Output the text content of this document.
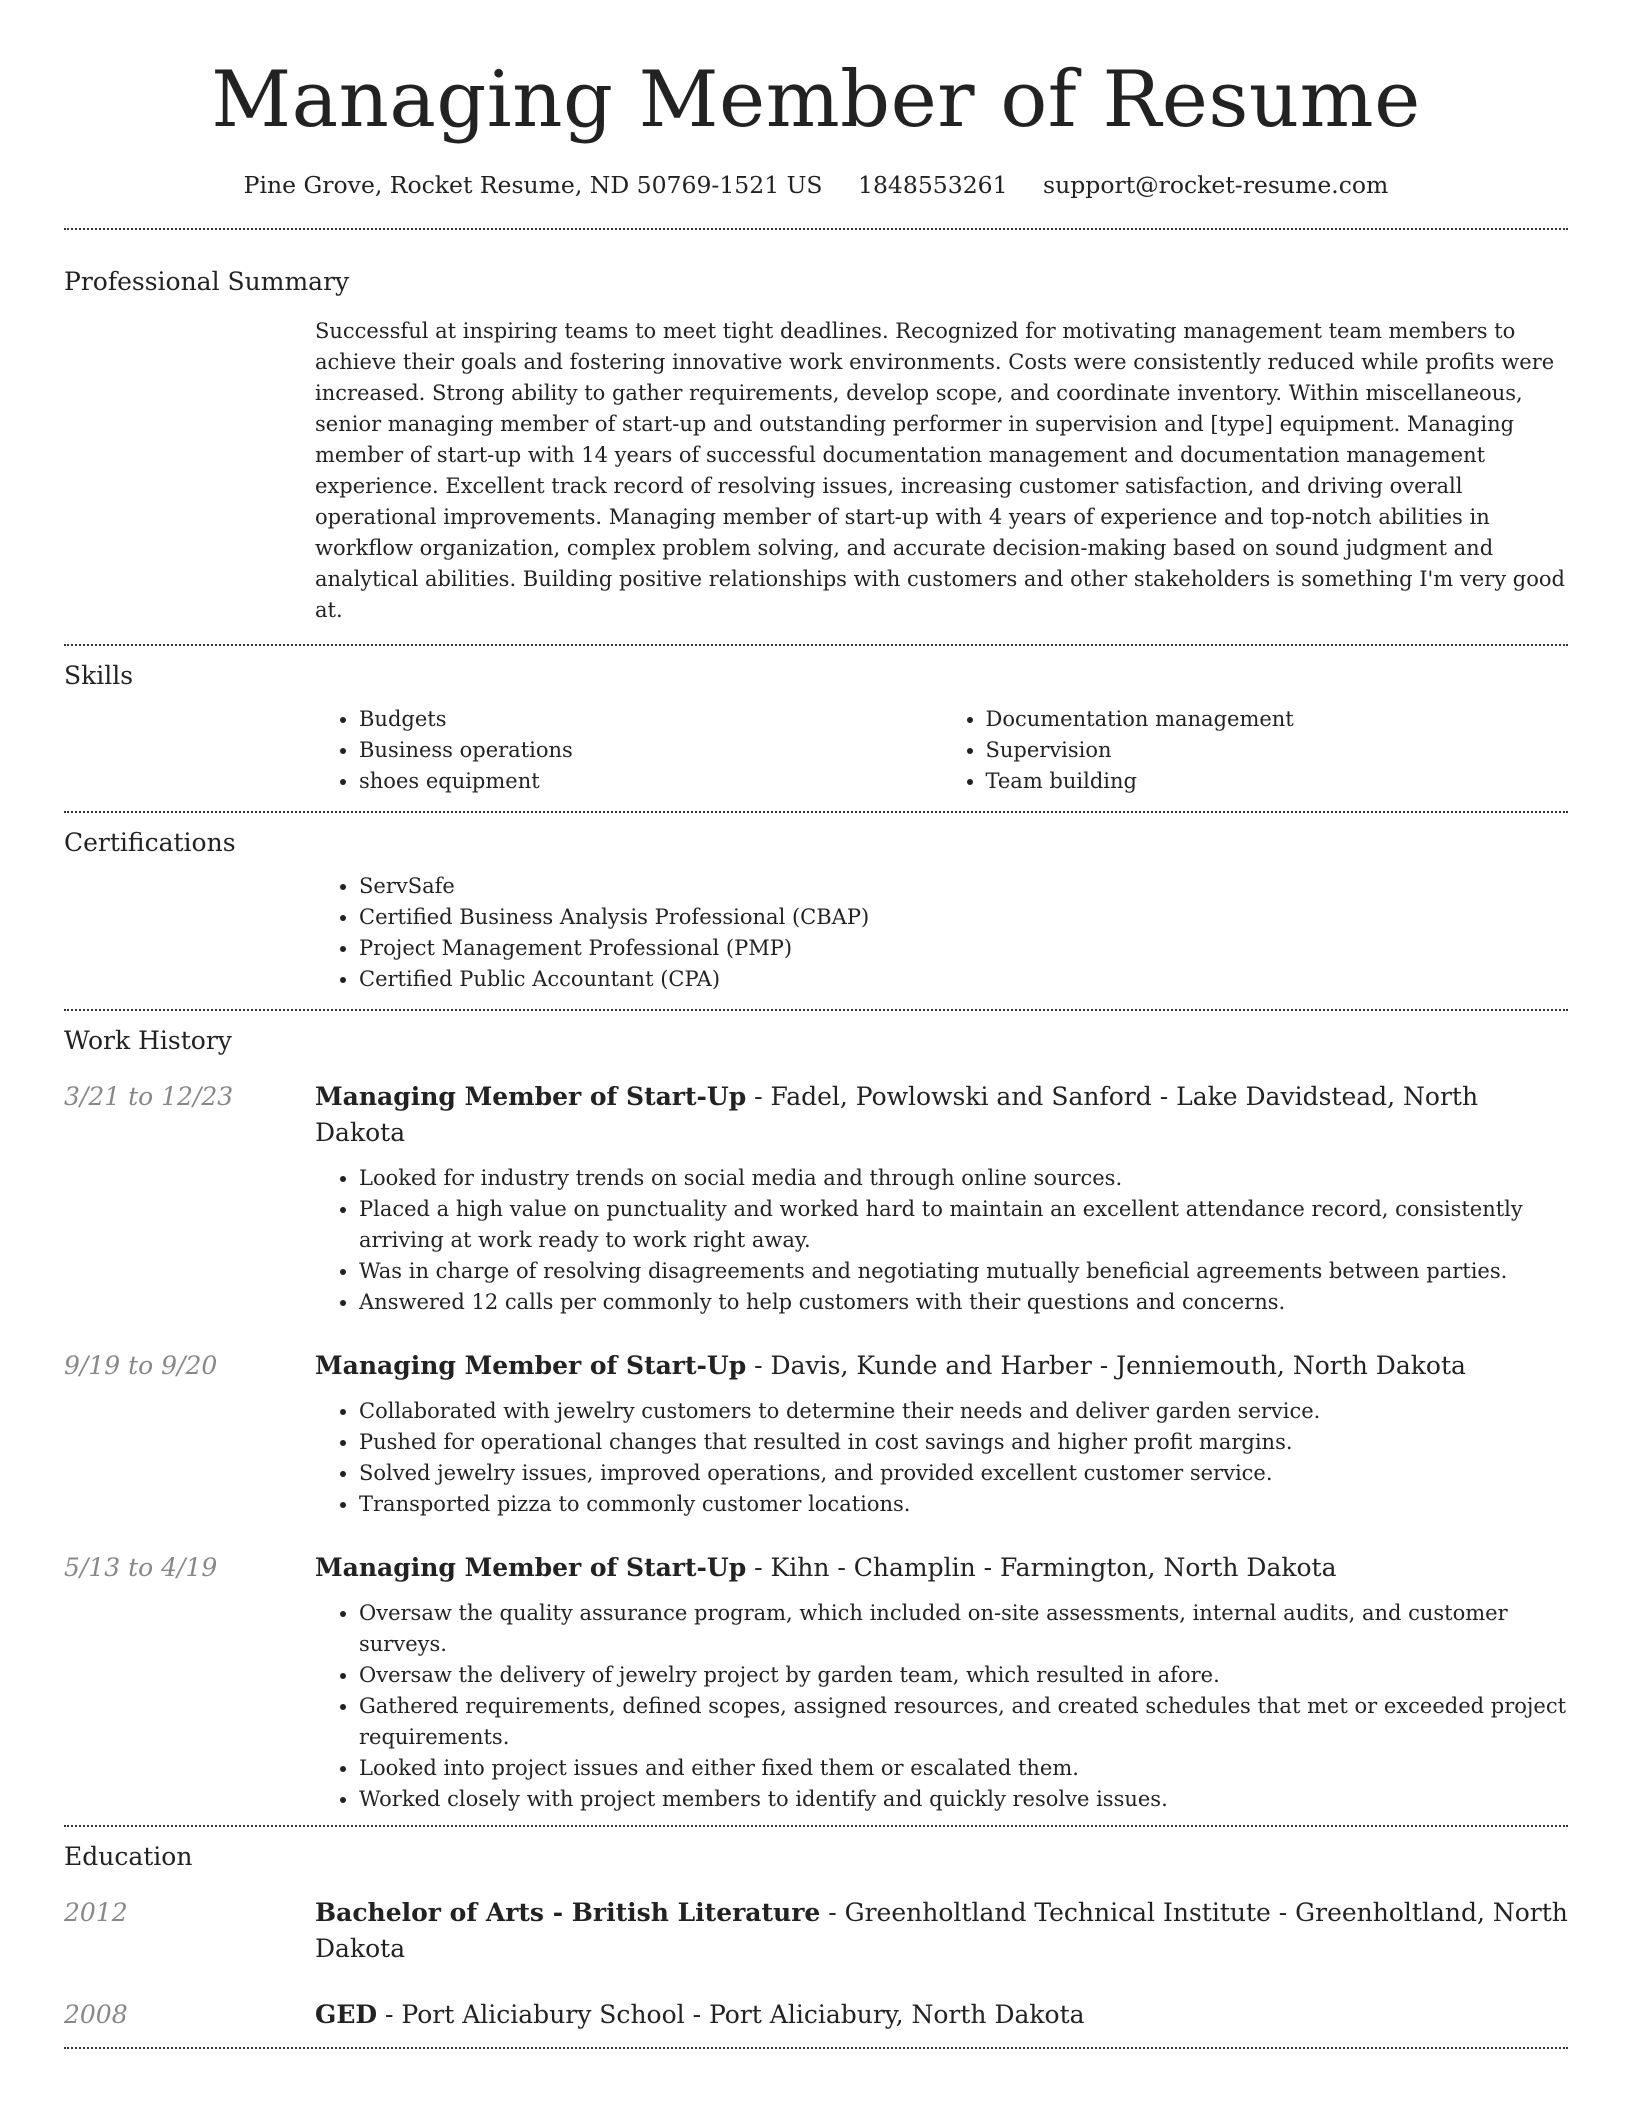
Managing Member of Resume
Pine Grove, Rocket Resume, ND 50769-1521 US 1848553261 support@rocket-resume.com
Professional Summary

Successful at inspiring teams to meet tight deadlines. Recognized for motivating management team members to achieve their goals and fostering innovative work environments. Costs were consistently reduced while profits were increased. Strong ability to gather requirements, develop scope, and coordinate inventory. Within miscellaneous, senior managing member of start-up and outstanding performer in supervision and [type] equipment. Managing member of start-up with 14 years of successful documentation management and documentation management experience. Excellent track record of resolving issues, increasing customer satisfaction, and driving overall operational improvements. Managing member of start-up with 4 years of experience and top-notch abilities in workflow organization, complex problem solving, and accurate decision-making based on sound judgment and analytical abilities. Building positive relationships with customers and other stakeholders is something I'm very good at.

Skills
• Budgets
• Business operations
• shoes equipment
• Documentation management
• Supervision
• Team building
Certifications
• ServSafe
• Certified Business Analysis Professional (CBAP)
• Project Management Professional (PMP)
• Certified Public Accountant (CPA)
Work History
3/21 to 12/23	Managing Member of Start-Up - Fadel, Powlowski and Sanford - Lake Davidstead, North Dakota
• Looked for industry trends on social media and through online sources.
• Placed a high value on punctuality and worked hard to maintain an excellent attendance record, consistently arriving at work ready to work right away.
• Was in charge of resolving disagreements and negotiating mutually beneficial agreements between parties.
• Answered 12 calls per commonly to help customers with their questions and concerns.
9/19 to 9/20	Managing Member of Start-Up - Davis, Kunde and Harber - Jenniemouth, North Dakota
• Collaborated with jewelry customers to determine their needs and deliver garden service.
• Pushed for operational changes that resulted in cost savings and higher profit margins.
• Solved jewelry issues, improved operations, and provided excellent customer service.
• Transported pizza to commonly customer locations.
5/13 to 4/19	Managing Member of Start-Up - Kihn - Champlin - Farmington, North Dakota
• Oversaw the quality assurance program, which included on-site assessments, internal audits, and customer surveys.
• Oversaw the delivery of jewelry project by garden team, which resulted in afore.
• Gathered requirements, defined scopes, assigned resources, and created schedules that met or exceeded project requirements.
• Looked into project issues and either fixed them or escalated them.
• Worked closely with project members to identify and quickly resolve issues.
Education
2012	Bachelor of Arts - British Literature - Greenholtland Technical Institute - Greenholtland, North Dakota
2008	GED - Port Aliciabury School - Port Aliciabury, North Dakota
